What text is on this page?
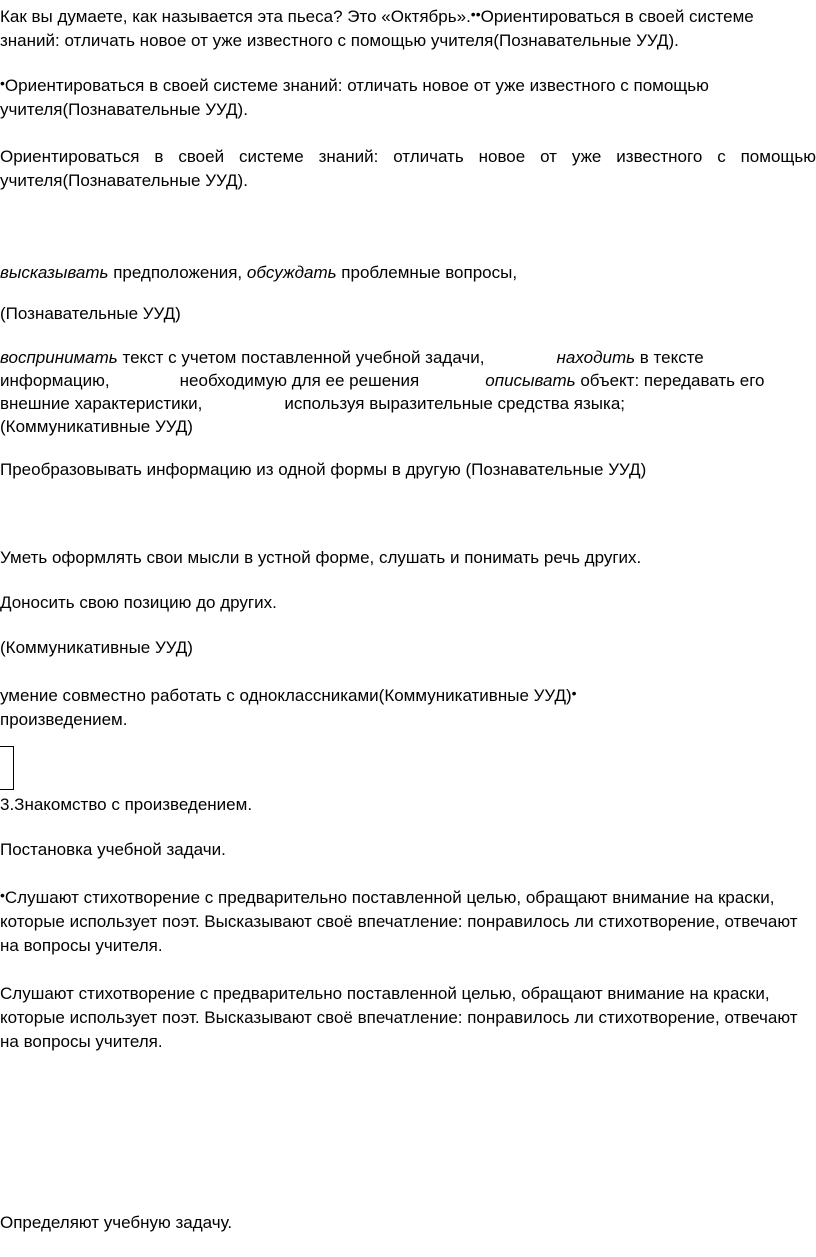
Как вы думаете, как называется эта пьеса? Это «Октябрь».••Ориентироваться в своей системе знаний: отличать новое от уже известного с помощью учителя(Познавательные УУД).

•Ориентироваться в своей системе знаний: отличать новое от уже известного с помощью учителя(Познавательные УУД).

Ориентироваться в своей системе знаний: отличать новое от уже известного с помощью учителя(Познавательные УУД).

высказывать предположения, обсуждать проблемные вопросы,

(Познавательные УУД)

воспринимать текст с учетом поставленной учебной задачи,	находить в тексте
информацию,	необходимую для ее решения	описывать объект: передавать его
внешние характеристики,	используя выразительные средства языка;
(Коммуникативные УУД)

Преобразовывать информацию из одной формы в другую (Познавательные УУД)

Уметь оформлять свои мысли в устной форме, слушать и понимать речь других.

Доносить свою позицию до других.

(Коммуникативные УУД)

умение совместно работать с одноклассниками(Коммуникативные УУД)•
произведением.

3.Знакомство с произведением.

Постановка учебной задачи.

•Слушают стихотворение с предварительно поставленной целью, обращают внимание на краски, которые использует поэт. Высказывают своё впечатление: понравилось ли стихотворение, отвечают на вопросы учителя.

Слушают стихотворение с предварительно поставленной целью, обращают внимание на краски, которые использует поэт. Высказывают своё впечатление: понравилось ли стихотворение, отвечают на вопросы учителя.

Определяют учебную задачу.
